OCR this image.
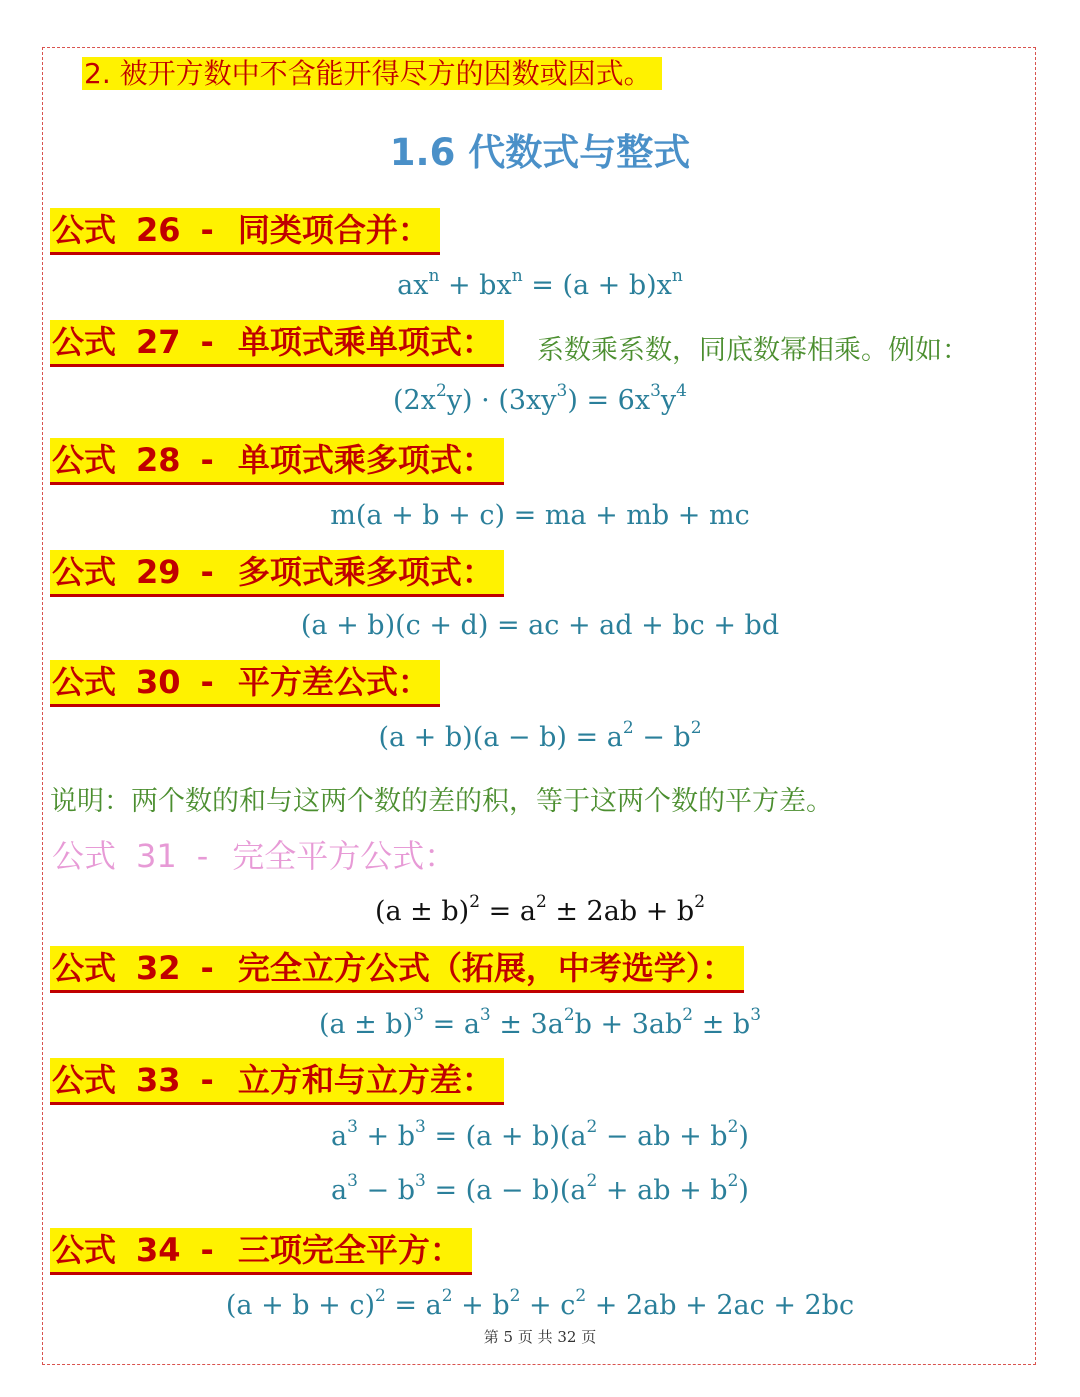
2. 被开方数中不含能开得尽方的因数或因式。
1.6 代数式与整式
公式 26 - 同类项合并：
$ax^n + bx^n = (a + b)x^n$
公式 27 - 单项式乘单项式：	系数乘系数，同底数幂相乘。例如：
$(2x^2y) \cdot (3xy^3) = 6x^3y^4$
公式 28 - 单项式乘多项式：
m(a + b + c) = ma + mb + mc
公式 29 - 多项式乘多项式：
(a + b)(c + d) = ac + ad + bc + bd
公式 30 - 平方差公式：
$(a + b)(a - b) = a^2 - b^2$
说明：两个数的和与这两个数的差的积，等于这两个数的平方差。
公式 31 - 完全平方公式：
$(a \pm b)^2 = a^2 \pm 2ab + b^2$
公式 32 - 完全立方公式（拓展，中考选学）：
$(a \pm b)^3 = a^3 \pm 3a^2b + 3ab^2 \pm b^3$
公式 33 - 立方和与立方差：
$a^3 + b^3 = (a + b)(a^2$ − ab + $b^2$)
$a^3 - b^3 = (a - b)(a^2$ + ab + $b^2$)
公式 34 - 三项完全平方：
$(a + b + c)^2 = a^2 + b^2 + c^2 + 2ab + 2ac + 2bc$
第 5 页 共 32 页
